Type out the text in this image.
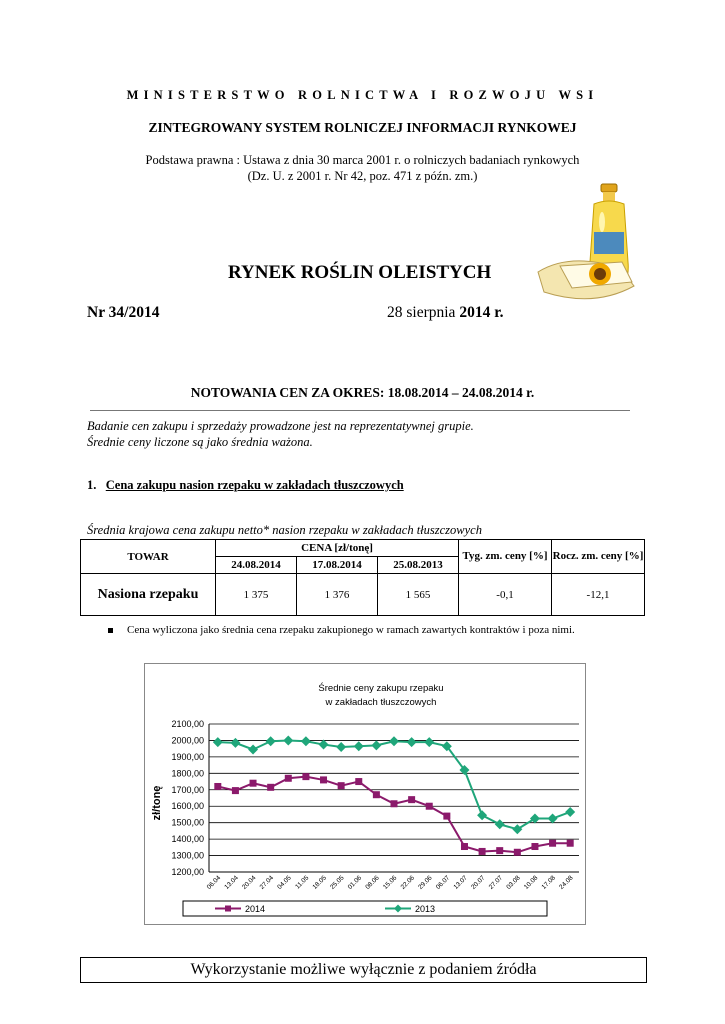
MINISTERSTWO ROLNICTWA I ROZWOJU WSI
ZINTEGROWANY SYSTEM ROLNICZEJ INFORMACJI RYNKOWEJ
Podstawa prawna : Ustawa z dnia 30 marca 2001 r. o rolniczych badaniach rynkowych
(Dz. U. z 2001 r. Nr 42, poz. 471 z późn. zm.)
RYNEK ROŚLIN OLEISTYCH
Nr 34/2014	28 sierpnia 2014 r.
NOTOWANIA CEN ZA OKRES: 18.08.2014 – 24.08.2014 r.
Badanie cen zakupu i sprzedaży prowadzone jest na reprezentatywnej grupie.
Średnie ceny liczone są jako średnia ważona.
1. Cena zakupu nasion rzepaku w zakładach tłuszczowych
Średnia krajowa cena zakupu netto* nasion rzepaku w zakładach tłuszczowych
TOWAR	CENA [zł/tonę]			Tyg. zm. ceny [%]	Rocz. zm. ceny [%]
	24.08.2014	17.08.2014	25.08.2013		
Nasiona rzepaku	1 375	1 376	1 565	-0,1	-12,1
Cena wyliczona jako średnia cena rzepaku zakupionego w ramach zawartych kontraktów i poza nimi.
Średnie ceny zakupu rzepaku
w zakładach tłuszczowych
zł/tonę
1200,00
1300,00
1400,00
1500,00
1600,00
1700,00
1800,00
1900,00
2000,00
2100,00
06.04 13.04 20.04 27.04 04.05 11.05 18.05 25.05 01.06 08.06 15.06 22.06 29.06 06.07 13.07 20.07 27.07 03.08 10.08 17.08 24.08
2014	2013
Wykorzystanie możliwe wyłącznie z podaniem źródła
